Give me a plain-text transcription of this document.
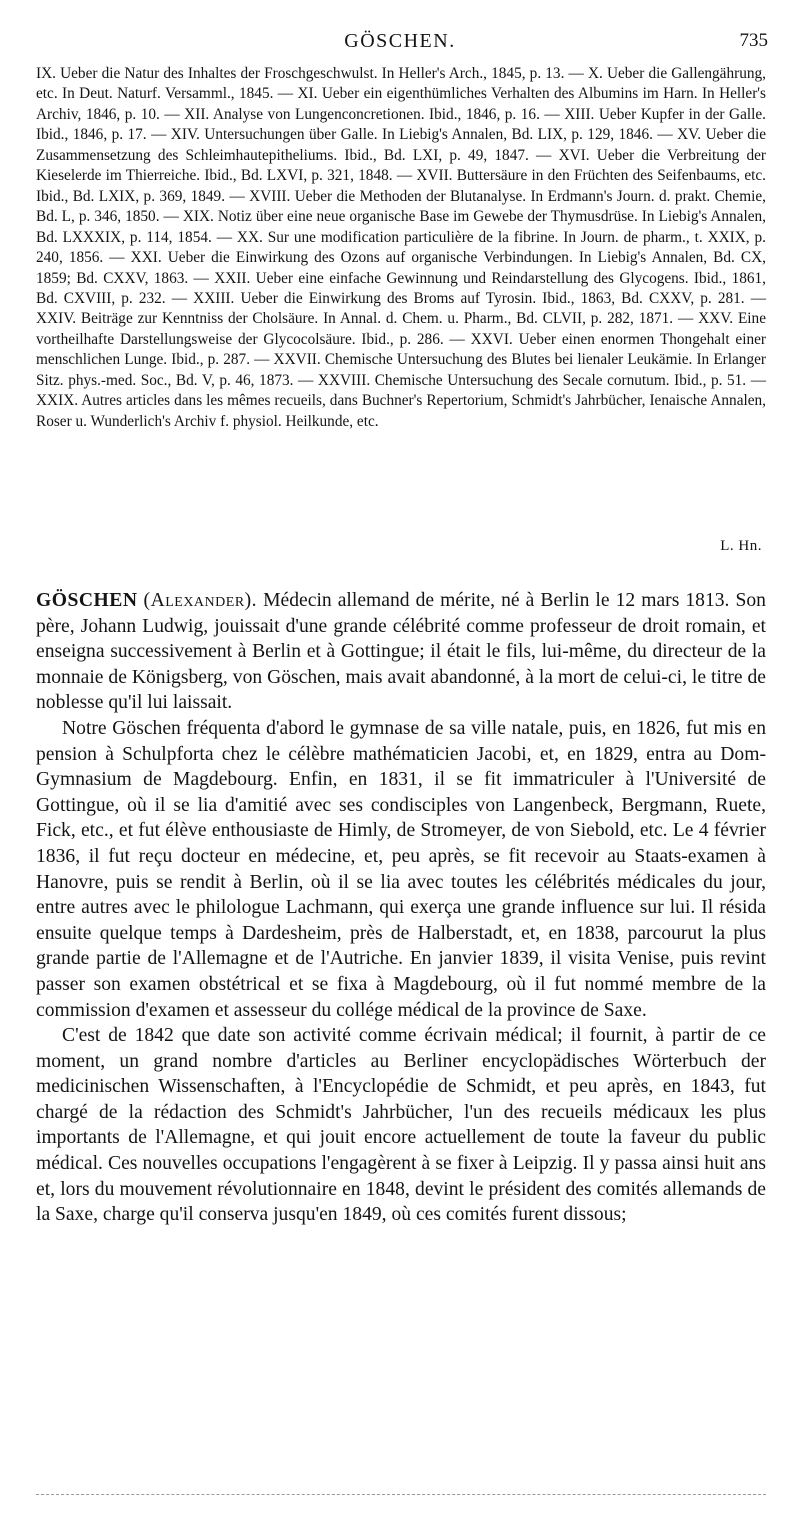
GÖSCHEN.	735
IX. Ueber die Natur des Inhaltes der Froschgeschwulst. In Heller's Arch., 1845, p. 13. — X. Ueber die Gallengährung, etc. In Deut. Naturf. Versamml., 1845. — XI. Ueber ein eigenthümliches Verhalten des Albumins im Harn. In Heller's Archiv, 1846, p. 10. — XII. Analyse von Lungenconcretionen. Ibid., 1846, p. 16. — XIII. Ueber Kupfer in der Galle. Ibid., 1846, p. 17. — XIV. Untersuchungen über Galle. In Liebig's Annalen, Bd. LIX, p. 129, 1846. — XV. Ueber die Zusammensetzung des Schleimhautepitheliums. Ibid., Bd. LXI, p. 49, 1847. — XVI. Ueber die Verbreitung der Kieselerde im Thierreiche. Ibid., Bd. LXVI, p. 321, 1848. — XVII. Buttersäure in den Früchten des Seifenbaums, etc. Ibid., Bd. LXIX, p. 369, 1849. — XVIII. Ueber die Methoden der Blutanalyse. In Erdmann's Journ. d. prakt. Chemie, Bd. L, p. 346, 1850. — XIX. Notiz über eine neue organische Base im Gewebe der Thymusdrüse. In Liebig's Annalen, Bd. LXXXIX, p. 114, 1854. — XX. Sur une modification particulière de la fibrine. In Journ. de pharm., t. XXIX, p. 240, 1856. — XXI. Ueber die Einwirkung des Ozons auf organische Verbindungen. In Liebig's Annalen, Bd. CX, 1859; Bd. CXXV, 1863. — XXII. Ueber eine einfache Gewinnung und Reindarstellung des Glycogens. Ibid., 1861, Bd. CXVIII, p. 232. — XXIII. Ueber die Einwirkung des Broms auf Tyrosin. Ibid., 1863, Bd. CXXV, p. 281. — XXIV. Beiträge zur Kenntniss der Cholsäure. In Annal. d. Chem. u. Pharm., Bd. CLVII, p. 282, 1871. — XXV. Eine vortheilhafte Darstellungsweise der Glycocolsäure. Ibid., p. 286. — XXVI. Ueber einen enormen Thongehalt einer menschlichen Lunge. Ibid., p. 287. — XXVII. Chemische Untersuchung des Blutes bei lienaler Leukämie. In Erlanger Sitz. phys.-med. Soc., Bd. V, p. 46, 1873. — XXVIII. Chemische Untersuchung des Secale cornutum. Ibid., p. 51. — XXIX. Autres articles dans les mêmes recueils, dans Buchner's Repertorium, Schmidt's Jahrbücher, Ienaische Annalen, Roser u. Wunderlich's Archiv f. physiol. Heilkunde, etc.
L. Hn.

GÖSCHEN (Alexander). Médecin allemand de mérite, né à Berlin le 12 mars 1813. Son père, Johann Ludwig, jouissait d'une grande célébrité comme professeur de droit romain, et enseigna successivement à Berlin et à Gottingue; il était le fils, lui-même, du directeur de la monnaie de Königsberg, von Göschen, mais avait abandonné, à la mort de celui-ci, le titre de noblesse qu'il lui laissait.

Notre Göschen fréquenta d'abord le gymnase de sa ville natale, puis, en 1826, fut mis en pension à Schulpforta chez le célèbre mathématicien Jacobi, et, en 1829, entra au Dom-Gymnasium de Magdebourg. Enfin, en 1831, il se fit immatriculer à l'Université de Gottingue, où il se lia d'amitié avec ses condisciples von Langenbeck, Bergmann, Ruete, Fick, etc., et fut élève enthousiaste de Himly, de Stromeyer, de von Siebold, etc. Le 4 février 1836, il fut reçu docteur en médecine, et, peu après, se fit recevoir au Staats-examen à Hanovre, puis se rendit à Berlin, où il se lia avec toutes les célébrités médicales du jour, entre autres avec le philologue Lachmann, qui exerça une grande influence sur lui. Il résida ensuite quelque temps à Dardesheim, près de Halberstadt, et, en 1838, parcourut la plus grande partie de l'Allemagne et de l'Autriche. En janvier 1839, il visita Venise, puis revint passer son examen obstétrical et se fixa à Magdebourg, où il fut nommé membre de la commission d'examen et assesseur du collége médical de la province de Saxe.

C'est de 1842 que date son activité comme écrivain médical; il fournit, à partir de ce moment, un grand nombre d'articles au Berliner encyclopädisches Wörterbuch der medicinischen Wissenschaften, à l'Encyclopédie de Schmidt, et peu après, en 1843, fut chargé de la rédaction des Schmidt's Jahrbücher, l'un des recueils médicaux les plus importants de l'Allemagne, et qui jouit encore actuellement de toute la faveur du public médical. Ces nouvelles occupations l'engagèrent à se fixer à Leipzig. Il y passa ainsi huit ans et, lors du mouvement révolutionnaire en 1848, devint le président des comités allemands de la Saxe, charge qu'il conserva jusqu'en 1849, où ces comités furent dissous;
